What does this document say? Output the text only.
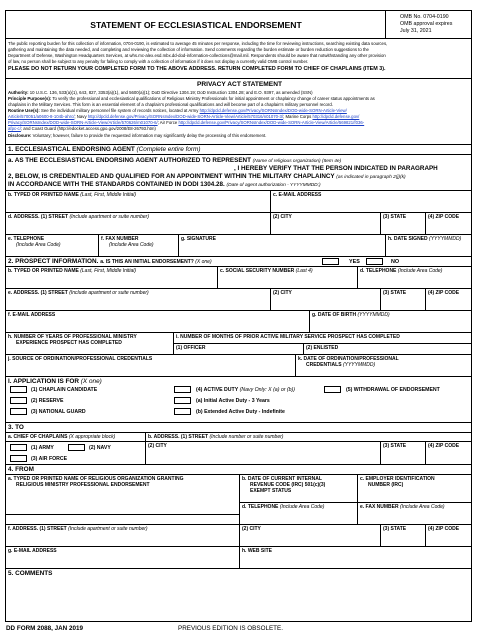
STATEMENT OF ECCLESIASTICAL ENDORSEMENT
OMB No. 0704-0190
OMB approval expires
July 31, 2021
The public reporting burden for this collection of information, 0704-0190, is estimated to average 45 minutes per response, including the time for reviewing instructions, searching existing data sources,
gathering and maintaining the data needed, and completing and reviewing the collection of information. Send comments regarding the burden estimate or burden reduction suggestions to the
Department of Defense, Washington Headquarters Services, at whs.mc-alex.esd.mbx.dd-dod-information-collections@mail.mil. Respondents should be aware that notwithstanding any other provision
of law, no person shall be subject to any penalty for failing to comply with a collection of information if it does not display a currently valid OMB control number.
PLEASE DO NOT RETURN YOUR COMPLETED FORM TO THE ABOVE ADDRESS. RETURN COMPLETED FORM TO CHIEF OF CHAPLAINS (ITEM 3).
PRIVACY ACT STATEMENT
Authority: 10 U.S.C. 136, 533(a)(1), 643, 827, 3353(a)(1), and 5600(a)(1); DoD Directive 1304.19; DoD Instruction 1304.28; and E.O. 9397, as amended (SSN)
Principle Purpose(s): To verify the professional and ecclesiastical qualifications of Religious Ministry Professionals for initial appointment or chaplaincy change of career status appointments as
chaplains in the Military Services. This form is an essential element of a chaplain's professional qualifications and will become part of a chaplain's military personnel record.
Routine Use(s): See the individual military personnel file system of records notices, located at Army http://dpcld.defense.gov/Privacy/SORNsIndex/DOD-wide-SORN-Article-View/
Article/570051/a0600-8-104b-ahrc/; Navy http://dpcld.defense.gov/Privacy/SORNsIndex/DOD-wide-SORN-Article-View/Article/570316/n01070-3/; Marine Corps http://dpcld.defense.gov/
Privacy/SORNsIndex/DOD-wide-SORN-Article-View/Article/570626/m01070-6/; Air Force http://dpcld.defense.gov/Privacy/SORNsIndex/DOD-wide-SORN-Article-View/Article/569821/f036-
afpc-c/; and Coast Guard (http://edocket.access.gpo.gov/2008/E8-26793.htm)
Disclosure: Voluntary; however, failure to provide the requested information may significantly delay the processing of this endorsement.
1. ECCLESIASTICAL ENDORSING AGENT (Complete entire form)
a. AS THE ECCLESIASTICAL ENDORSING AGENT AUTHORIZED TO REPRESENT (Name of religious organization) (Item 4e)
, I HEREBY VERIFY THAT THE PERSON INDICATED IN PARAGRAPH
2, BELOW, IS CREDENTIALED AND QUALIFIED FOR AN APPOINTMENT WITHIN THE MILITARY CHAPLAINCY (as indicated in paragraph 2(j)(k)
IN ACCORDANCE WITH THE STANDARDS CONTAINED IN DODI 1304.28. (Date of agent authorization - YYYYMMDD:)
b. TYPED OR PRINTED NAME (Last, First, Middle Initial)	c. E-MAIL ADDRESS
d. ADDRESS. (1) STREET (Include apartment or suite number)	(2) CITY	(3) STATE	(4) ZIP CODE
e. TELEPHONE
(Include Area Code)
f. FAX NUMBER
(Include Area Code)
g. SIGNATURE	h. DATE SIGNED (YYYYMMDD)
2. PROSPECT INFORMATION. a. IS THIS AN INITIAL ENDORSEMENT? (X one)	YES	NO
b. TYPED OR PRINTED NAME (Last, First, Middle Initial)	c. SOCIAL SECURITY NUMBER (Last 4)	d. TELEPHONE (Include Area Code)
e. ADDRESS. (1) STREET (Include apartment or suite number)	(2) CITY	(3) STATE	(4) ZIP CODE
f. E-MAIL ADDRESS	g. DATE OF BIRTH (YYYYMMDD)
h. NUMBER OF YEARS OF PROFESSIONAL MINISTRY
EXPERIENCE PROSPECT HAS COMPLETED
i. NUMBER OF MONTHS OF PRIOR ACTIVE MILITARY SERVICE PROSPECT HAS COMPLETED
(1) OFFICER	(2) ENLISTED
j. SOURCE OF ORDINATION/PROFESSIONAL CREDENTIALS	k. DATE OF ORDINATION/PROFESSIONAL
CREDENTIALS (YYYYMMDD)
l. APPLICATION IS FOR (X one)
(1) CHAPLAIN CANDIDATE
(2) RESERVE
(3) NATIONAL GUARD
(4) ACTIVE DUTY (Navy Only: X (a) or (b))
(a) Initial Active Duty - 3 Years
(b) Extended Active Duty - Indefinite
(5) WITHDRAWAL OF ENDORSEMENT
3. TO
a. CHIEF OF CHAPLAINS (X appropriate block)	b. ADDRESS. (1) STREET (Include number or suite number)
(1) ARMY	(2) NAVY
(3) AIR FORCE
(2) CITY	(3) STATE	(4) ZIP CODE
4. FROM
a. TYPED OR PRINTED NAME OF RELIGIOUS ORGANIZATION GRANTING
RELIGIOUS MINISTRY PROFESSIONAL ENDORSEMENT
b. DATE OF CURRENT INTERNAL
REVENUE CODE (IRC) 501(c)(3)
EXEMPT STATUS
c. EMPLOYER IDENTIFICATION
NUMBER (IRC)
d. TELEPHONE (Include Area Code)	e. FAX NUMBER (Include Area Code)
f. ADDRESS. (1) STREET (Include apartment or suite number)	(2) CITY	(3) STATE	(4) ZIP CODE
g. E-MAIL ADDRESS	h. WEB SITE
5. COMMENTS
DD FORM 2088, JAN 2019	PREVIOUS EDITION IS OBSOLETE.
